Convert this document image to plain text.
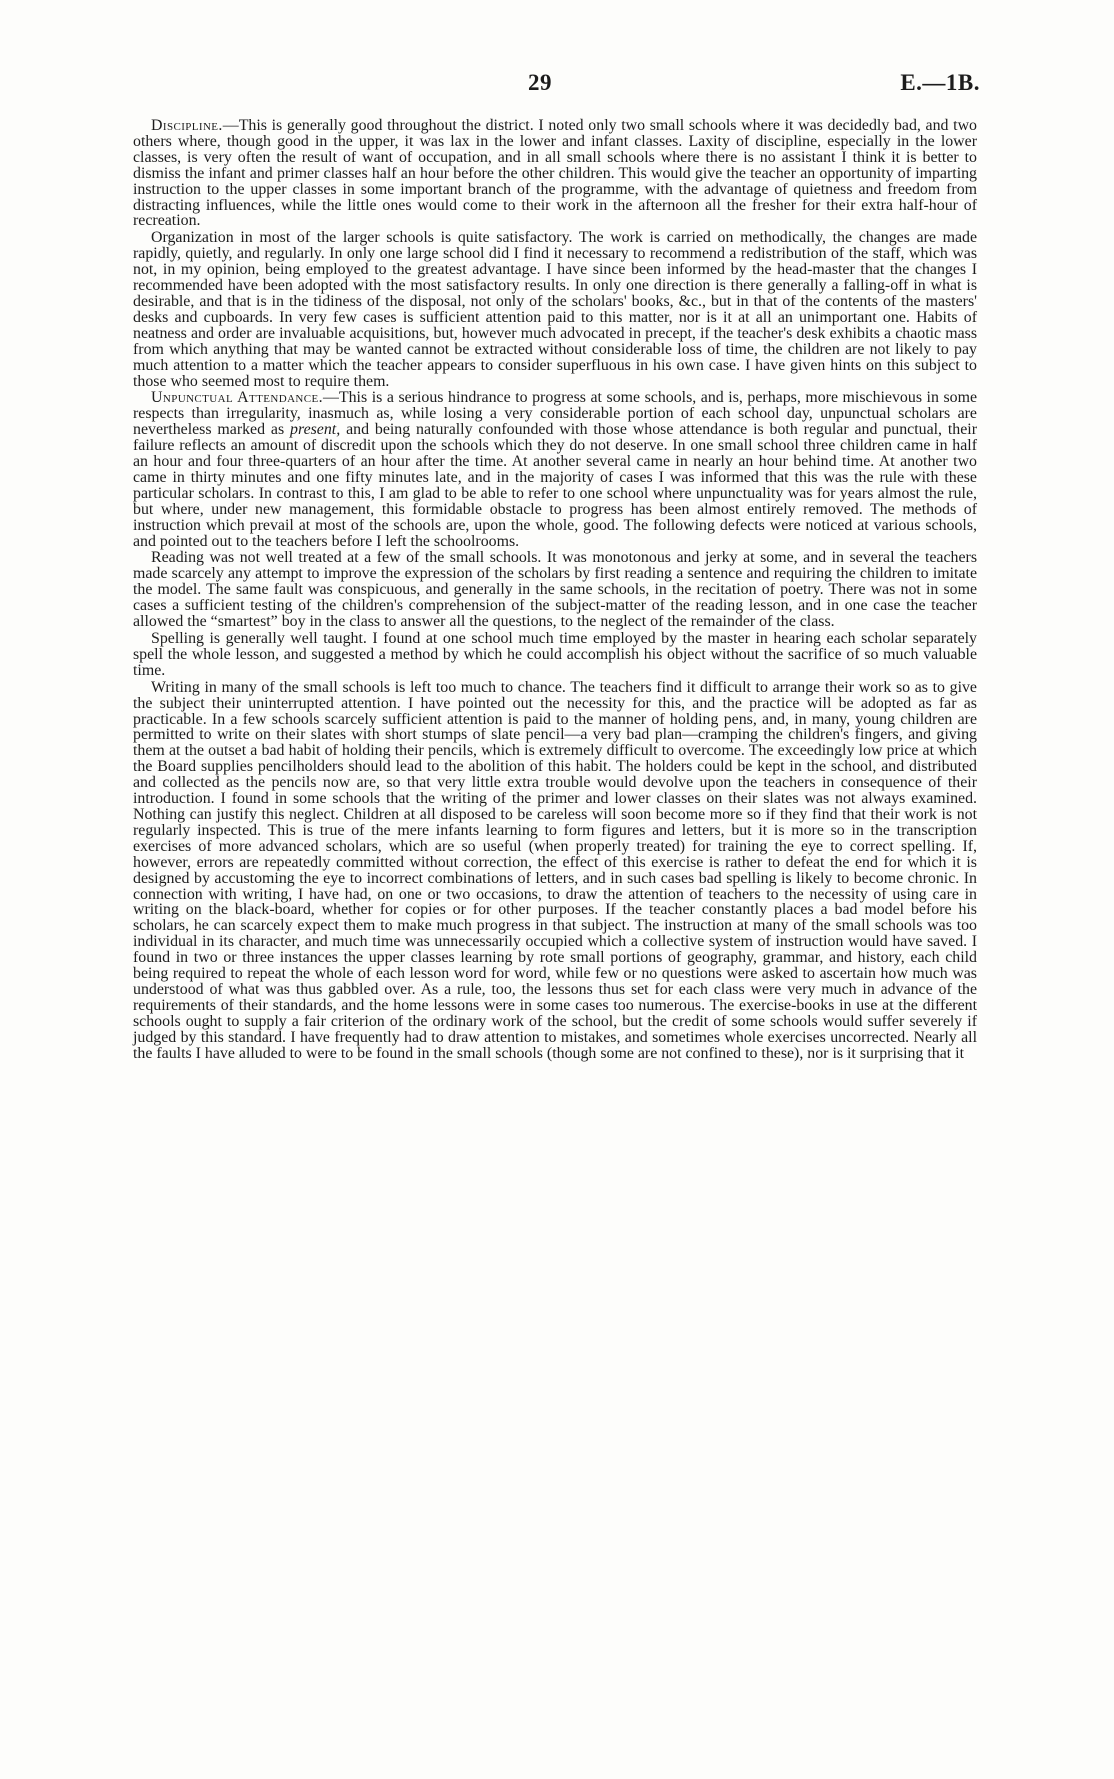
29	E.—1B.

Discipline.—This is generally good throughout the district. I noted only two small schools where it was decidedly bad, and two others where, though good in the upper, it was lax in the lower and infant classes. Laxity of discipline, especially in the lower classes, is very often the result of want of occupation, and in all small schools where there is no assistant I think it is better to dismiss the infant and primer classes half an hour before the other children. This would give the teacher an opportunity of imparting instruction to the upper classes in some important branch of the programme, with the advantage of quietness and freedom from distracting influences, while the little ones would come to their work in the afternoon all the fresher for their extra half-hour of recreation.

Organization in most of the larger schools is quite satisfactory. The work is carried on methodically, the changes are made rapidly, quietly, and regularly. In only one large school did I find it necessary to recommend a redistribution of the staff, which was not, in my opinion, being employed to the greatest advantage. I have since been informed by the head-master that the changes I recommended have been adopted with the most satisfactory results. In only one direction is there generally a falling-off in what is desirable, and that is in the tidiness of the disposal, not only of the scholars' books, &c., but in that of the contents of the masters' desks and cupboards. In very few cases is sufficient attention paid to this matter, nor is it at all an unimportant one. Habits of neatness and order are invaluable acquisitions, but, however much advocated in precept, if the teacher's desk exhibits a chaotic mass from which anything that may be wanted cannot be extracted without considerable loss of time, the children are not likely to pay much attention to a matter which the teacher appears to consider superfluous in his own case. I have given hints on this subject to those who seemed most to require them.

Unpunctual Attendance.—This is a serious hindrance to progress at some schools, and is, perhaps, more mischievous in some respects than irregularity, inasmuch as, while losing a very considerable portion of each school day, unpunctual scholars are nevertheless marked as present, and being naturally confounded with those whose attendance is both regular and punctual, their failure reflects an amount of discredit upon the schools which they do not deserve. In one small school three children came in half an hour and four three-quarters of an hour after the time. At another several came in nearly an hour behind time. At another two came in thirty minutes and one fifty minutes late, and in the majority of cases I was informed that this was the rule with these particular scholars. In contrast to this, I am glad to be able to refer to one school where unpunctuality was for years almost the rule, but where, under new management, this formidable obstacle to progress has been almost entirely removed. The methods of instruction which prevail at most of the schools are, upon the whole, good. The following defects were noticed at various schools, and pointed out to the teachers before I left the schoolrooms.

Reading was not well treated at a few of the small schools. It was monotonous and jerky at some, and in several the teachers made scarcely any attempt to improve the expression of the scholars by first reading a sentence and requiring the children to imitate the model. The same fault was conspicuous, and generally in the same schools, in the recitation of poetry. There was not in some cases a sufficient testing of the children's comprehension of the subject-matter of the reading lesson, and in one case the teacher allowed the “smartest” boy in the class to answer all the questions, to the neglect of the remainder of the class.

Spelling is generally well taught. I found at one school much time employed by the master in hearing each scholar separately spell the whole lesson, and suggested a method by which he could accomplish his object without the sacrifice of so much valuable time.

Writing in many of the small schools is left too much to chance. The teachers find it difficult to arrange their work so as to give the subject their uninterrupted attention. I have pointed out the necessity for this, and the practice will be adopted as far as practicable. In a few schools scarcely sufficient attention is paid to the manner of holding pens, and, in many, young children are permitted to write on their slates with short stumps of slate pencil—a very bad plan—cramping the children's fingers, and giving them at the outset a bad habit of holding their pencils, which is extremely difficult to overcome. The exceedingly low price at which the Board supplies pencilholders should lead to the abolition of this habit. The holders could be kept in the school, and distributed and collected as the pencils now are, so that very little extra trouble would devolve upon the teachers in consequence of their introduction. I found in some schools that the writing of the primer and lower classes on their slates was not always examined. Nothing can justify this neglect. Children at all disposed to be careless will soon become more so if they find that their work is not regularly inspected. This is true of the mere infants learning to form figures and letters, but it is more so in the transcription exercises of more advanced scholars, which are so useful (when properly treated) for training the eye to correct spelling. If, however, errors are repeatedly committed without correction, the effect of this exercise is rather to defeat the end for which it is designed by accustoming the eye to incorrect combinations of letters, and in such cases bad spelling is likely to become chronic. In connection with writing, I have had, on one or two occasions, to draw the attention of teachers to the necessity of using care in writing on the black-board, whether for copies or for other purposes. If the teacher constantly places a bad model before his scholars, he can scarcely expect them to make much progress in that subject. The instruction at many of the small schools was too individual in its character, and much time was unnecessarily occupied which a collective system of instruction would have saved. I found in two or three instances the upper classes learning by rote small portions of geography, grammar, and history, each child being required to repeat the whole of each lesson word for word, while few or no questions were asked to ascertain how much was understood of what was thus gabbled over. As a rule, too, the lessons thus set for each class were very much in advance of the requirements of their standards, and the home lessons were in some cases too numerous. The exercise-books in use at the different schools ought to supply a fair criterion of the ordinary work of the school, but the credit of some schools would suffer severely if judged by this standard. I have frequently had to draw attention to mistakes, and sometimes whole exercises uncorrected. Nearly all the faults I have alluded to were to be found in the small schools (though some are not confined to these), nor is it surprising that it
